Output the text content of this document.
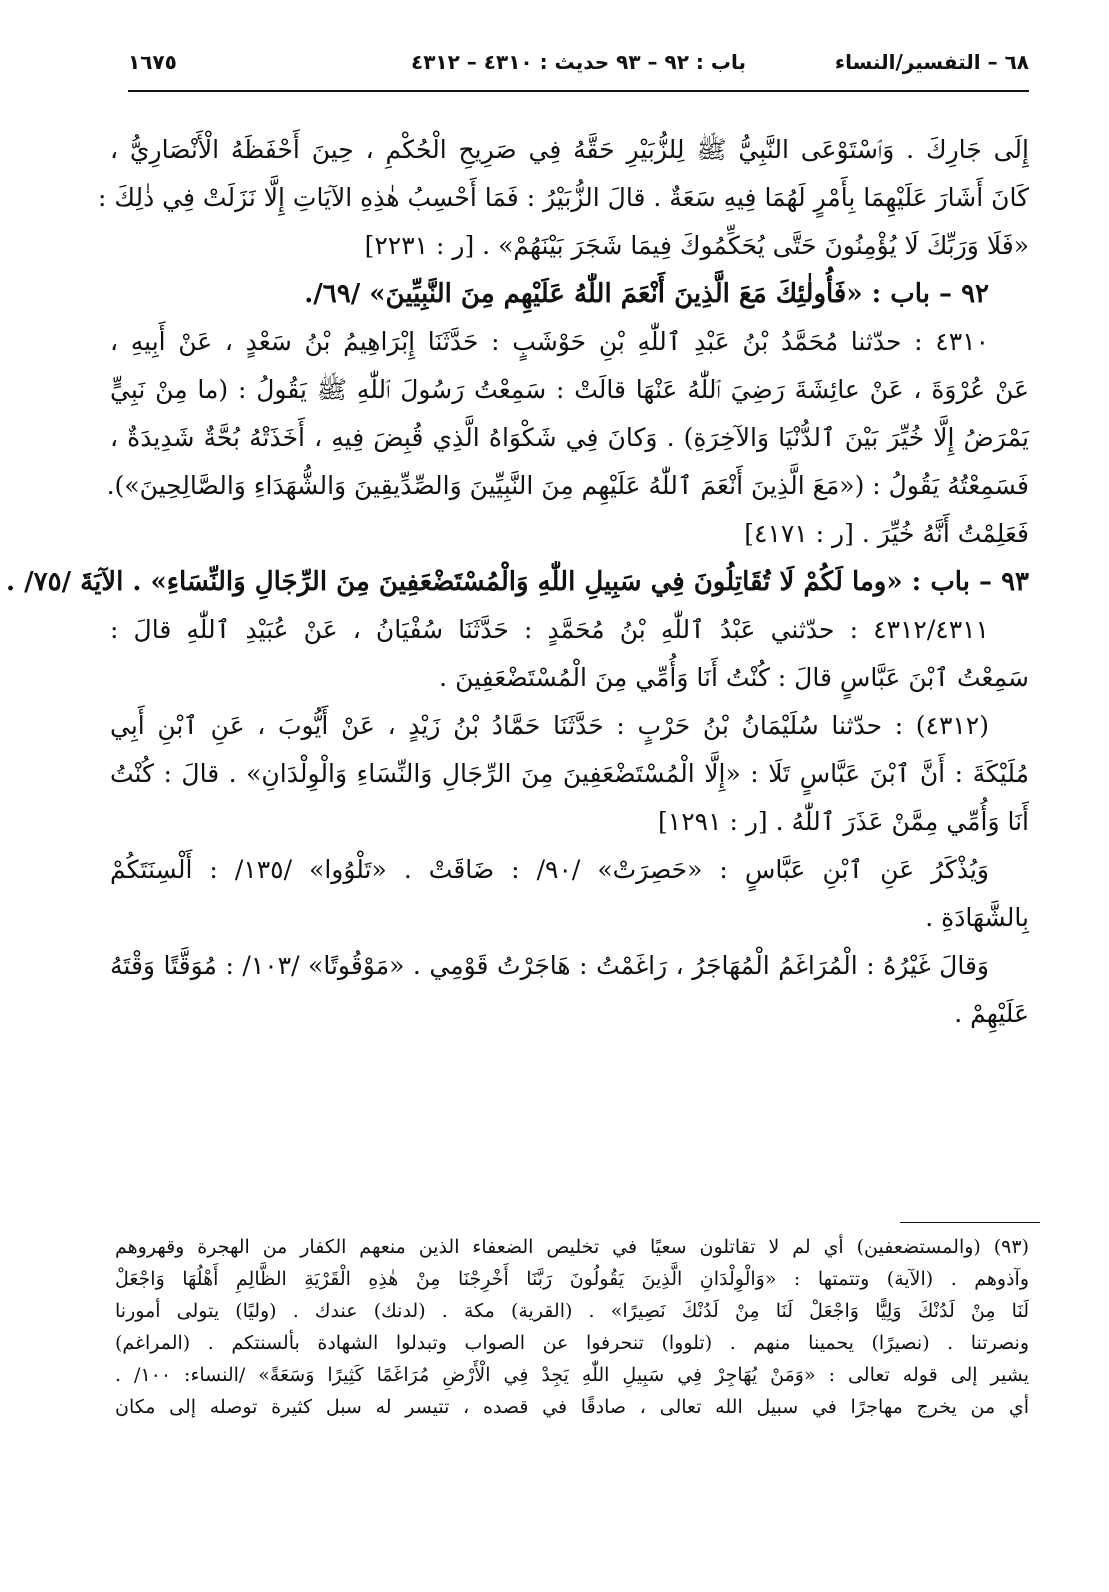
٦٨ – التفسير/النساء
باب : ٩٢ – ٩٣ حديث : ٤٣١٠ – ٤٣١٢
١٦٧٥
إِلَى جَارِكَ . وَٱسْتَوْعَى النَّبِيُّ ﷺ لِلزُّبَيْرِ حَقَّهُ فِي صَرِيحِ الْحُكْمِ ، حِينَ أَحْفَظَهُ الْأَنْصَارِيُّ ،
كَانَ أَشَارَ عَلَيْهِمَا بِأَمْرٍ لَهُمَا فِيهِ سَعَةٌ . قالَ الزُّبَيْرُ : فَمَا أَحْسِبُ هٰذِهِ الآيَاتِ إِلَّا نَزَلَتْ فِي ذٰلِكَ :
«فَلَا وَرَبِّكَ لَا يُؤْمِنُونَ حَتَّى يُحَكِّمُوكَ فِيمَا شَجَرَ بَيْنَهُمْ» . [ر : ٢٢٣١]
٩٢ – باب : «فَأُولٰئِكَ مَعَ الَّذِينَ أَنْعَمَ اللّٰهُ عَلَيْهِم مِنَ النَّبِيِّينَ» /٦٩/.
٤٣١٠ : حدّثنا مُحَمَّدُ بْنُ عَبْدِ ٱللّٰهِ بْنِ حَوْشَبٍ : حَدَّثَنَا إِبْرَاهِيمُ بْنُ سَعْدٍ ، عَنْ أَبِيهِ ،
عَنْ عُرْوَةَ ، عَنْ عائِشَةَ رَضِيَ ٱللّٰهُ عَنْهَا قالَتْ : سَمِعْتُ رَسُولَ ٱللّٰهِ ﷺ يَقُولُ : (ما مِنْ نَبِيٍّ
يَمْرَضُ إِلَّا خُيِّرَ بَيْنَ ٱلدُّنْيَا وَالآخِرَةِ) . وَكانَ فِي شَكْوَاهُ الَّذِي قُبِضَ فِيهِ ، أَخَذَتْهُ بُحَّةٌ شَدِيدَةٌ ،
فَسَمِعْتُهُ يَقُولُ : («مَعَ الَّذِينَ أَنْعَمَ ٱللّٰهُ عَلَيْهِم مِنَ النَّبِيِّينَ وَالصِّدِّيقِينَ وَالشُّهَدَاءِ وَالصَّالِحِينَ»).
فَعَلِمْتُ أَنَّهُ خُيِّرَ . [ر : ٤١٧١]
٩٣ – باب : «وما لَكُمْ لَا تُقَاتِلُونَ فِي سَبِيلِ اللّٰهِ وَالْمُسْتَضْعَفِينَ مِنَ الرِّجَالِ وَالنِّسَاءِ» . الآيَةَ /٧٥/ .
٤٣١٢/٤٣١١ : حدّثني عَبْدُ ٱللّٰهِ بْنُ مُحَمَّدٍ : حَدَّثَنَا سُفْيَانُ ، عَنْ عُبَيْدِ ٱللّٰهِ قالَ :
سَمِعْتُ ٱبْنَ عَبَّاسٍ قالَ : كُنْتُ أَنَا وَأُمِّي مِنَ الْمُسْتَضْعَفِينَ .
(٤٣١٢) : حدّثنا سُلَيْمَانُ بْنُ حَرْبٍ : حَدَّثَنَا حَمَّادُ بْنُ زَيْدٍ ، عَنْ أَيُّوبَ ، عَنِ ٱبْنِ أَبِي
مُلَيْكَةَ : أَنَّ ٱبْنَ عَبَّاسٍ تَلَا : «إِلَّا الْمُسْتَضْعَفِينَ مِنَ الرِّجَالِ وَالنِّسَاءِ وَالْوِلْدَانِ» . قالَ : كُنْتُ
أَنَا وَأُمِّي مِمَّنْ عَذَرَ ٱللّٰهُ . [ر : ١٢٩١]
وَيُذْكَرُ عَنِ ٱبْنِ عَبَّاسٍ : «حَصِرَتْ» /٩٠/ : ضَاقَتْ . «تَلْوُوا» /١٣٥/ : أَلْسِنَتَكُمْ
بِالشَّهَادَةِ .
وَقالَ غَيْرُهُ : الْمُرَاغَمُ الْمُهَاجَرُ ، رَاغَمْتُ : هَاجَرْتُ قَوْمِي . «مَوْقُوتًا» /١٠٣/ : مُوَقَّتًا وَقْتَهُ
عَلَيْهِمْ .
(٩٣) (والمستضعفين) أي لم لا تقاتلون سعيًا في تخليص الضعفاء الذين منعهم الكفار من الهجرة وقهروهم
وآذوهم . (الآية) وتتمتها : «وَالْوِلْدَانِ الَّذِينَ يَقُولُونَ رَبَّنَا أَخْرِجْنَا مِنْ هٰذِهِ الْقَرْيَةِ الظَّالِمِ أَهْلُهَا وَاجْعَلْ
لَنَا مِنْ لَدُنْكَ وَلِيًّا وَاجْعَلْ لَنَا مِنْ لَدُنْكَ نَصِيرًا» . (القرية) مكة . (لدنك) عندك . (وليًا) يتولى أمورنا
ونصرتنا . (نصيرًا) يحمينا منهم . (تلووا) تنحرفوا عن الصواب وتبدلوا الشهادة بألسنتكم . (المراغم)
يشير إلى قوله تعالى : «وَمَنْ يُهَاجِرْ فِي سَبِيلِ اللّٰهِ يَجِدْ فِي الْأَرْضِ مُرَاغَمًا كَثِيرًا وَسَعَةً» /النساء: ١٠٠/ .
أي من يخرج مهاجرًا في سبيل الله تعالى ، صادقًا في قصده ، تتيسر له سبل كثيرة توصله إلى مكان
